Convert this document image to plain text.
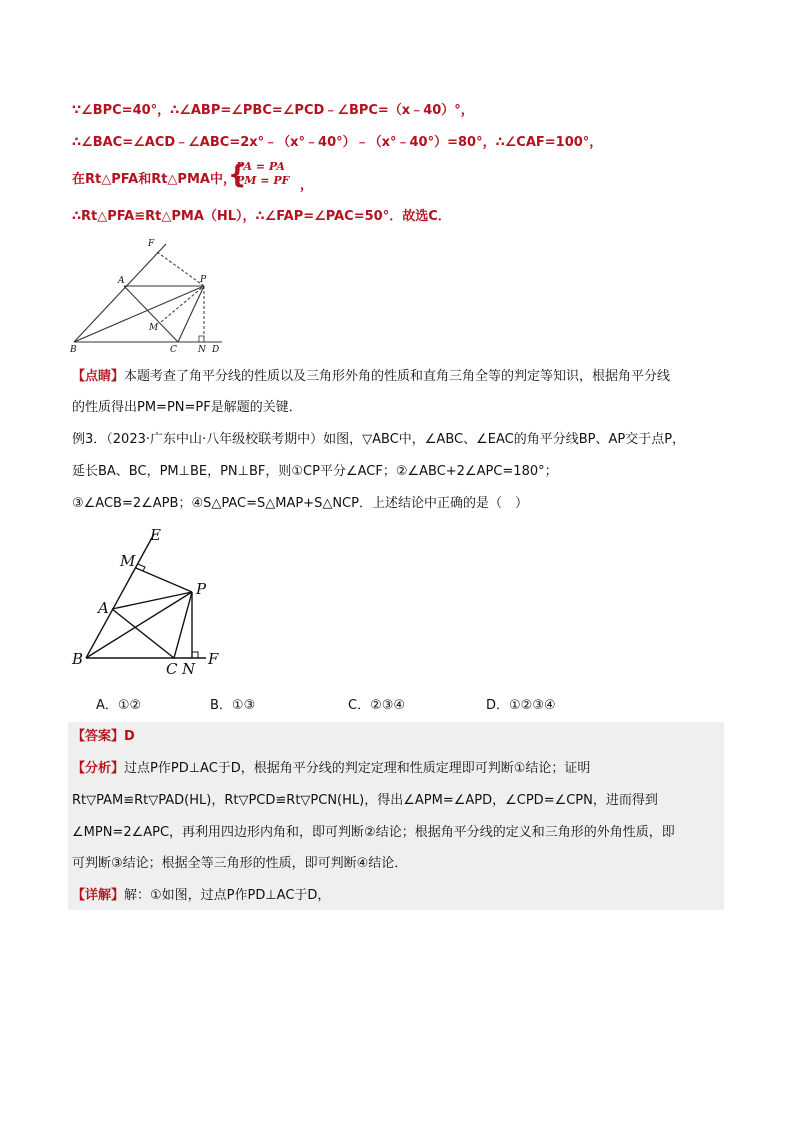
∵∠BPC=40°，∴∠ABP=∠PBC=∠PCD﹣∠BPC=（x﹣40）°，
∴∠BAC=∠ACD﹣∠ABC=2x°﹣（x°﹣40°）﹣（x°﹣40°）=80°，∴∠CAF=100°，
在Rt△PFA和Rt△PMA中，
{
PA = PA
PM = PF ，
∴Rt△PFA≌Rt△PMA（HL），∴∠FAP=∠PAC=50°．故选C．
F
A	P
M
B	C N D
【点睛】本题考查了角平分线的性质以及三角形外角的性质和直角三角全等的判定等知识，根据角平分线
的性质得出PM=PN=PF是解题的关键．
例3．（2023·广东中山·八年级校联考期中）如图，▽ABC中，∠ABC、∠EAC的角平分线BP、AP交于点P，
延长BA、BC，PM⊥BE，PN⊥BF，则①CP平分∠ACF；②∠ABC+2∠APC=180°；
③∠ACB=2∠APB；④S△PAC=S△MAP+S△NCP．上述结论中正确的是（　）
E
M
P
A
B
C N
F
A．①②	B．①③	C．②③④	D．①②③④
【答案】D
【分析】过点P作PD⊥AC于D，根据角平分线的判定定理和性质定理即可判断①结论；证明
Rt▽PAM≌Rt▽PAD(HL)，Rt▽PCD≌Rt▽PCN(HL)，得出∠APM=∠APD，∠CPD=∠CPN，进而得到
∠MPN=2∠APC，再利用四边形内角和，即可判断②结论；根据角平分线的定义和三角形的外角性质，即
可判断③结论；根据全等三角形的性质，即可判断④结论．
【详解】解：①如图，过点P作PD⊥AC于D，
